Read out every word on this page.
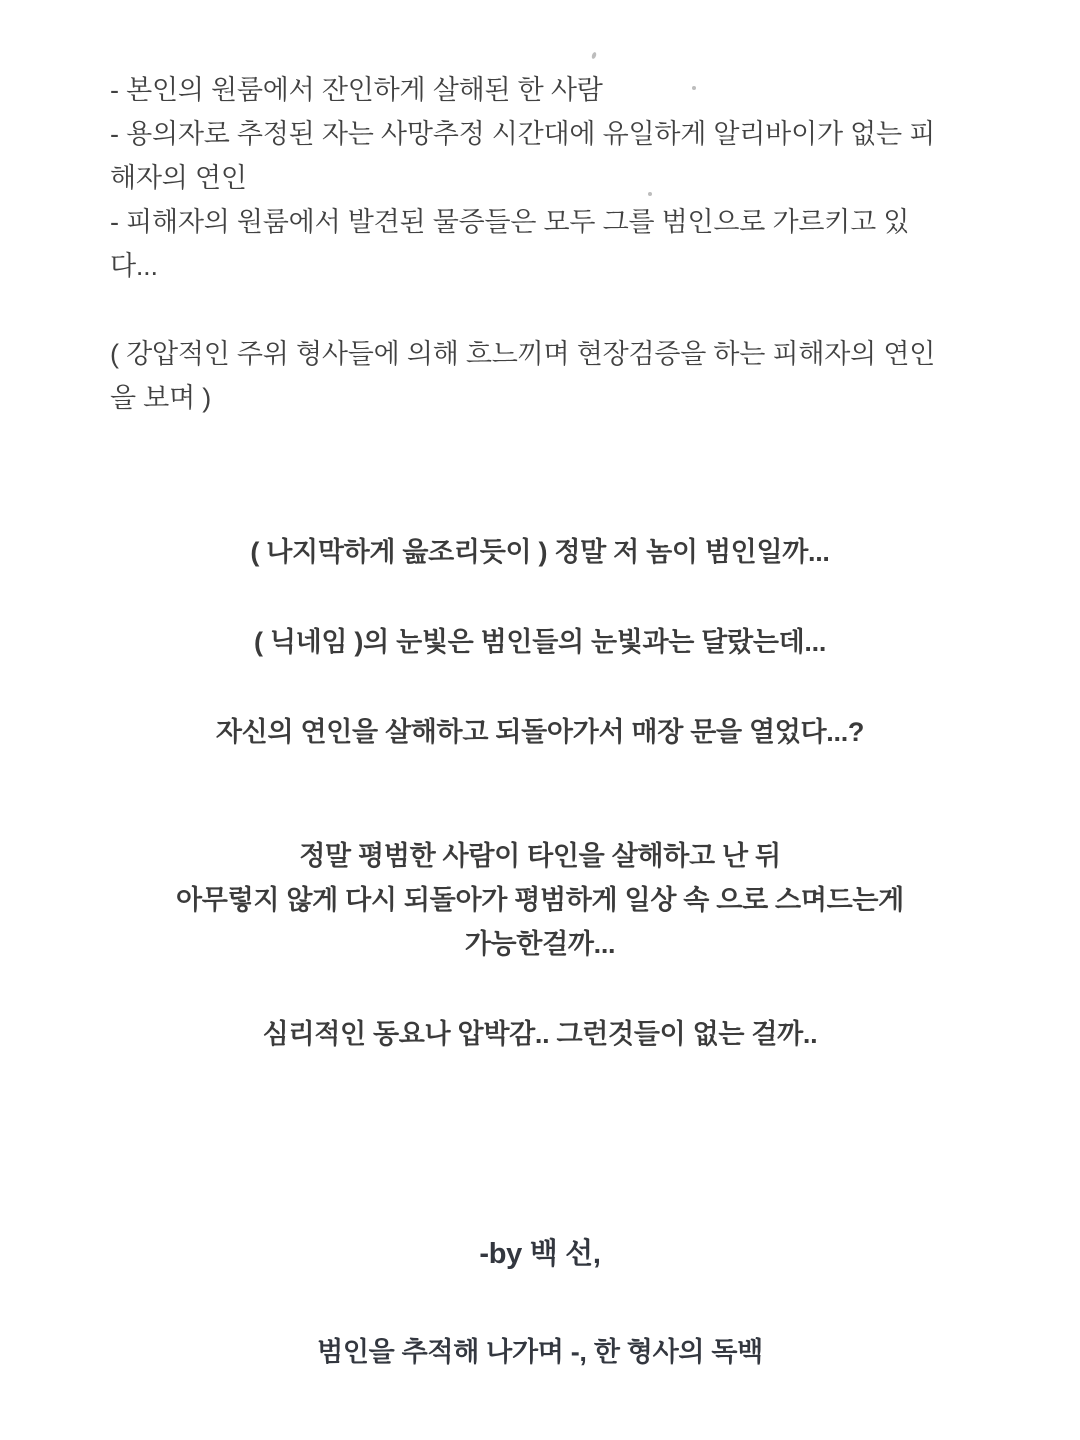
- 본인의 원룸에서 잔인하게 살해된 한 사람

- 용의자로 추정된 자는 사망추정 시간대에 유일하게 알리바이가 없는 피해자의 연인

- 피해자의 원룸에서 발견된 물증들은 모두 그를 범인으로 가르키고 있다...

( 강압적인 주위 형사들에 의해 흐느끼며 현장검증을 하는 피해자의 연인을 보며 )

( 나지막하게 읊조리듯이 ) 정말 저 놈이 범인일까...

( 닉네임 )의 눈빛은 범인들의 눈빛과는 달랐는데...

자신의 연인을 살해하고 되돌아가서 매장 문을 열었다...?

정말 평범한 사람이 타인을 살해하고 난 뒤

아무렇지 않게 다시 되돌아가 평범하게 일상 속 으로 스며드는게

가능한걸까...

심리적인 동요나 압박감.. 그런것들이 없는 걸까..

-by 백 선,
범인을 추적해 나가며 -, 한 형사의 독백
